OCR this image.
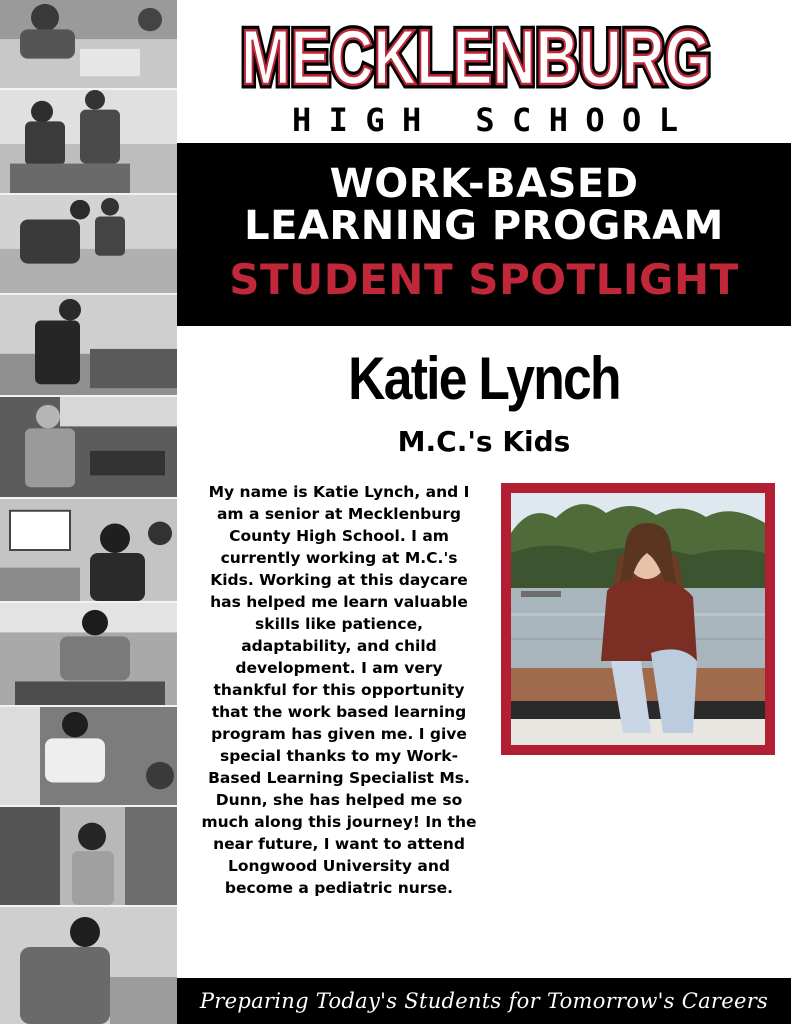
MECKLENBURG
MECKLENBURG
HIGH SCHOOL
WORK-BASED
LEARNING PROGRAM
STUDENT SPOTLIGHT
Katie Lynch
M.C.'s Kids

My name is Katie Lynch, and I am a senior at Mecklenburg County High School. I am currently working at M.C.'s Kids. Working at this daycare has helped me learn valuable skills like patience, adaptability, and child development. I am very thankful for this opportunity that the work based learning program has given me. I give special thanks to my Work-Based Learning Specialist Ms. Dunn, she has helped me so much along this journey! In the near future, I want to attend Longwood University and become a pediatric nurse.

Preparing Today's Students for Tomorrow's Careers
